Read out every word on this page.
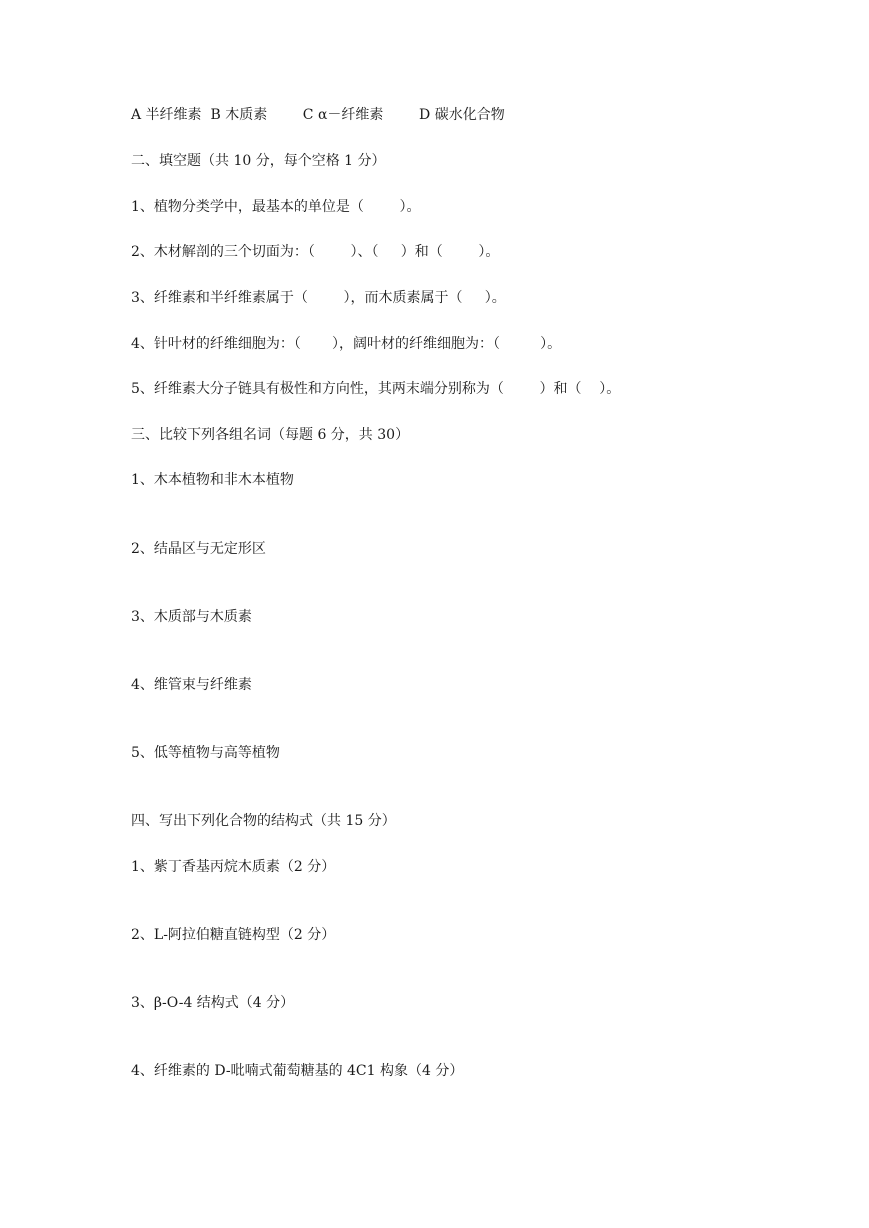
A 半纤维素  B 木质素        C α－纤维素        D 碳水化合物

二、填空题（共 10 分，每个空格 1 分）

1、植物分类学中，最基本的单位是（        ）。

2、木材解剖的三个切面为：（        ）、（     ）和（        ）。

3、纤维素和半纤维素属于（        ），而木质素属于（     ）。

4、针叶材的纤维细胞为：（       ），阔叶材的纤维细胞为：（         ）。

5、纤维素大分子链具有极性和方向性，其两末端分别称为（        ）和（    ）。

三、比较下列各组名词（每题 6 分，共 30）

1、木本植物和非木本植物

2、结晶区与无定形区

3、木质部与木质素

4、维管束与纤维素

5、低等植物与高等植物

四、写出下列化合物的结构式（共 15 分）

1、紫丁香基丙烷木质素（2 分）

2、L-阿拉伯糖直链构型（2 分）

3、β-O-4 结构式（4 分）

4、纤维素的 D-吡喃式葡萄糖基的 4C1 构象（4 分）
